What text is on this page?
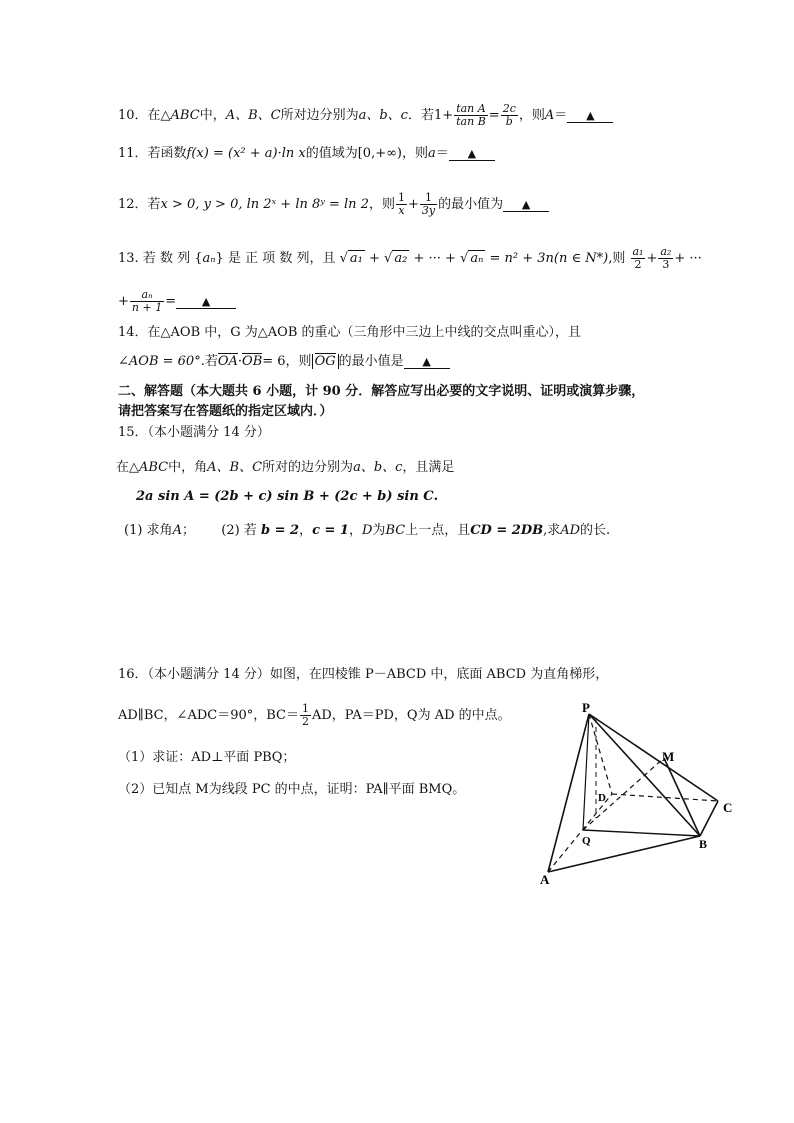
10．在△ABC中，A、B、C所对边分别为a、b、c．若$1+ \frac{\text{tan A}}{\text{tan B}} = \frac{2c}{b}$ ，则A＝ ▲
11．若函数f(x) = (x² + a)·ln x的值域为[0,+∞)，则a＝ ▲
12．若x > 0, y > 0, ln 2ˣ + ln 8ʸ = ln 2，则 $\frac{1}{x} + \frac{1}{3y}$ 的最小值为 ▲
13. 若 数 列 {aₙ} 是 正 项 数 列，且 √ a₁ + √ a₂ + ··· + √ aₙ = n² + 3n(n ∈ N*),则 $\frac{\text{a₁}}{2} + \frac{\text{a₂}}{3}$ + ···
+ $\frac{\text{aₙ}}{n + 1}$ = ▲
14．在△AOB 中，G 为△AOB 的重心（三角形中三边上中线的交点叫重心），且
∠AOB = 60°.若OA·OB= 6，则 OG 的最小值是 ▲
二、解答题（本大题共 6 小题，计 90 分．解答应写出必要的文字说明、证明或演算步骤，
请把答案写在答题纸的指定区域内．）
15．（本小题满分 14 分）
在△ABC中，角A、B、C所对的边分别为a、b、c，且满足
2a sin A = (2b + c) sin B + (2c + b) sin C.
(1) 求角A； (2) 若 b = 2，c = 1，D为BC上一点，且CD = 2DB,求AD的长.
16．（本小题满分 14 分）如图，在四棱锥 P－ABCD 中，底面 ABCD 为直角梯形，
AD∥BC，∠ADC＝90°，$BC= \frac{1}{2}$ AD，PA＝PD，Q为 AD 的中点。
（1）求证：AD⊥平面 PBQ；
（2）已知点 M为线段 PC 的中点，证明：PA∥平面 BMQ。
P
M
D
C
Q	B
A
